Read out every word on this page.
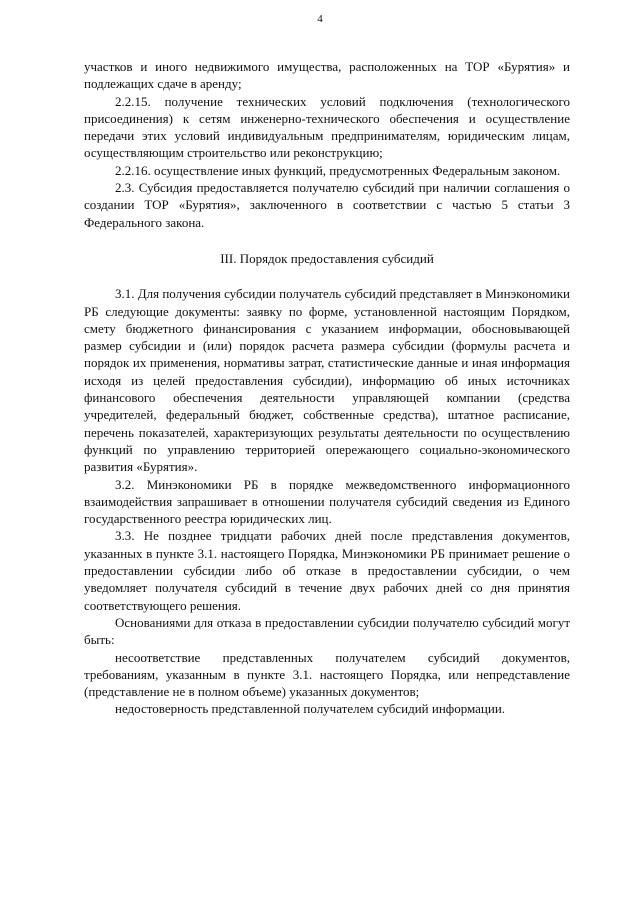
4

участков и иного недвижимого имущества, расположенных на ТОР «Бурятия» и подлежащих сдаче в аренду;

2.2.15. получение технических условий подключения (технологического присоединения) к сетям инженерно-технического обеспечения и осуществление передачи этих условий индивидуальным предпринимателям, юридическим лицам, осуществляющим строительство или реконструкцию;

2.2.16. осуществление иных функций, предусмотренных Федеральным законом.

2.3. Субсидия предоставляется получателю субсидий при наличии соглашения о создании ТОР «Бурятия», заключенного в соответствии с частью 5 статьи 3 Федерального закона.

III. Порядок предоставления субсидий

3.1. Для получения субсидии получатель субсидий представляет в Минэкономики РБ следующие документы: заявку по форме, установленной настоящим Порядком, смету бюджетного финансирования с указанием информации, обосновывающей размер субсидии и (или) порядок расчета размера субсидии (формулы расчета и порядок их применения, нормативы затрат, статистические данные и иная информация исходя из целей предоставления субсидии), информацию об иных источниках финансового обеспечения деятельности управляющей компании (средства учредителей, федеральный бюджет, собственные средства), штатное расписание, перечень показателей, характеризующих результаты деятельности по осуществлению функций по управлению территорией опережающего социально-экономического развития «Бурятия».

3.2. Минэкономики РБ в порядке межведомственного информационного взаимодействия запрашивает в отношении получателя субсидий сведения из Единого государственного реестра юридических лиц.

3.3. Не позднее тридцати рабочих дней после представления документов, указанных в пункте 3.1. настоящего Порядка, Минэкономики РБ принимает решение о предоставлении субсидии либо об отказе в предоставлении субсидии, о чем уведомляет получателя субсидий в течение двух рабочих дней со дня принятия соответствующего решения.

Основаниями для отказа в предоставлении субсидии получателю субсидий могут быть:

несоответствие представленных получателем субсидий документов, требованиям, указанным в пункте 3.1. настоящего Порядка, или непредставление (представление не в полном объеме) указанных документов;

недостоверность представленной получателем субсидий информации.
